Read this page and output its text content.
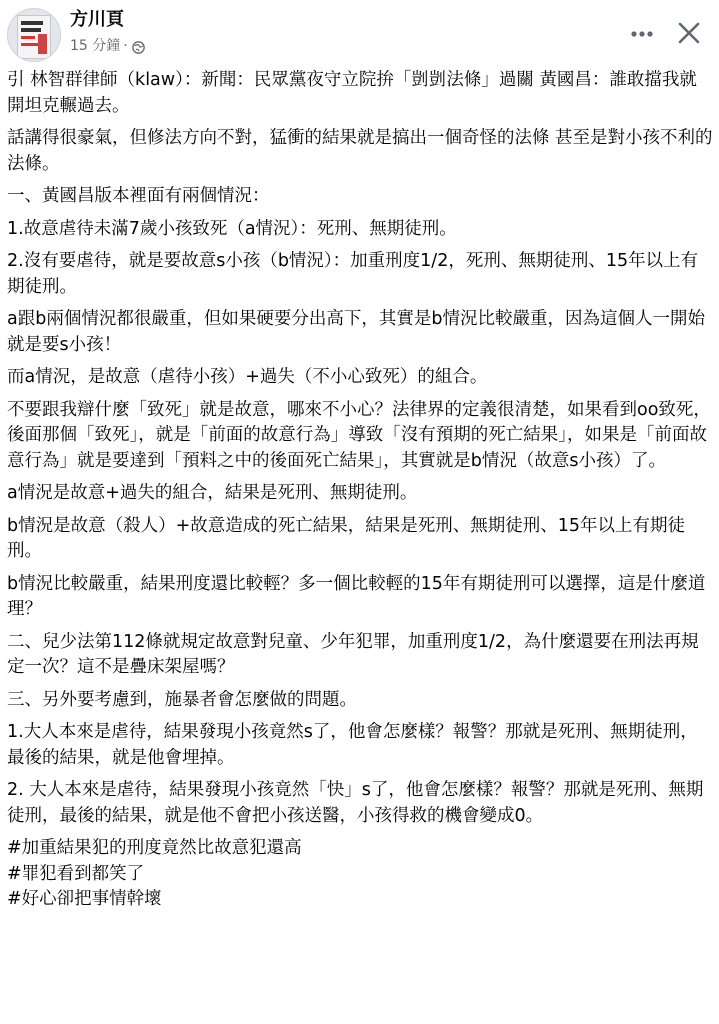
方川頁
15 分鐘 ·

引 林智群律師（klaw）：新聞：民眾黨夜守立院拚「剴剴法條」過關 黃國昌：誰敢擋我就開坦克輾過去。

話講得很豪氣，但修法方向不對，猛衝的結果就是搞出一個奇怪的法條 甚至是對小孩不利的法條。

一、黃國昌版本裡面有兩個情況：

1.故意虐待未滿7歲小孩致死（a情況）：死刑、無期徒刑。

2.沒有要虐待，就是要故意s小孩（b情況）：加重刑度1/2，死刑、無期徒刑、15年以上有期徒刑。

a跟b兩個情況都很嚴重，但如果硬要分出高下，其實是b情況比較嚴重，因為這個人一開始就是要s小孩！

而a情況，是故意（虐待小孩）+過失（不小心致死）的組合。

不要跟我辯什麼「致死」就是故意，哪來不小心？法律界的定義很清楚，如果看到oo致死，後面那個「致死」，就是「前面的故意行為」導致「沒有預期的死亡結果」，如果是「前面故意行為」就是要達到「預料之中的後面死亡結果」，其實就是b情況（故意s小孩）了。

a情況是故意+過失的組合，結果是死刑、無期徒刑。

b情況是故意（殺人）+故意造成的死亡結果，結果是死刑、無期徒刑、15年以上有期徒刑。

b情況比較嚴重，結果刑度還比較輕？多一個比較輕的15年有期徒刑可以選擇，這是什麼道理？

二、兒少法第112條就規定故意對兒童、少年犯罪，加重刑度1/2，為什麼還要在刑法再規定一次？這不是疊床架屋嗎？

三、另外要考慮到，施暴者會怎麼做的問題。

1.大人本來是虐待，結果發現小孩竟然s了，他會怎麼樣？報警？那就是死刑、無期徒刑，最後的結果，就是他會埋掉。

2. 大人本來是虐待，結果發現小孩竟然「快」s了，他會怎麼樣？報警？那就是死刑、無期徒刑，最後的結果，就是他不會把小孩送醫，小孩得救的機會變成0。

#加重結果犯的刑度竟然比故意犯還高

#罪犯看到都笑了

#好心卻把事情幹壞
